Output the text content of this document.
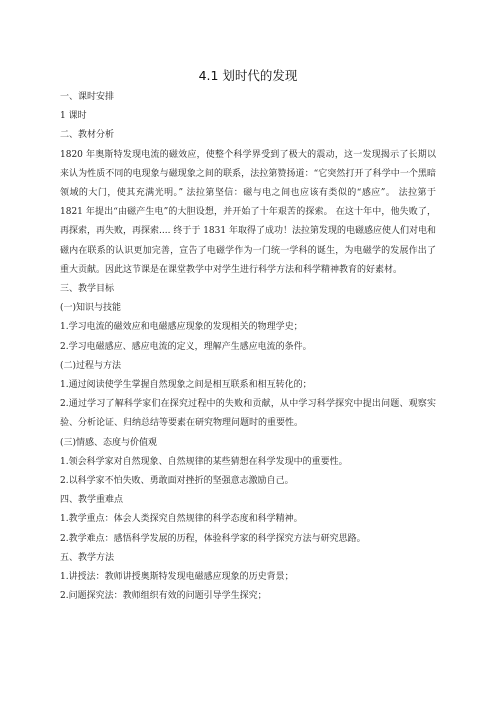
4.1 划时代的发现

一、课时安排

1 课时

二、教材分析

1820 年奥斯特发现电流的磁效应，使整个科学界受到了极大的震动，这一发现揭示了长期以来认为性质不同的电现象与磁现象之间的联系，法拉第赞扬道：“它突然打开了科学中一个黑暗领域的大门，使其充满光明。” 法拉第坚信：磁与电之间也应该有类似的“感应”。 法拉第于 1821 年提出“由磁产生电”的大胆设想，并开始了十年艰苦的探索。 在这十年中，他失败了，再探索，再失败，再探索.... 终于于 1831 年取得了成功！法拉第发现的电磁感应使人们对电和磁内在联系的认识更加完善，宣告了电磁学作为一门统一学科的诞生，为电磁学的发展作出了重大贡献。因此这节课是在课堂教学中对学生进行科学方法和科学精神教育的好素材。

三、教学目标

(一)知识与技能

1.学习电流的磁效应和电磁感应现象的发现相关的物理学史；

2.学习电磁感应、感应电流的定义，理解产生感应电流的条件。

(二)过程与方法

1.通过阅读使学生掌握自然现象之间是相互联系和相互转化的；

2.通过学习了解科学家们在探究过程中的失败和贡献，从中学习科学探究中提出问题、观察实验、分析论证、归纳总结等要素在研究物理问题时的重要性。

(三)情感、态度与价值观

1.领会科学家对自然现象、自然规律的某些猜想在科学发现中的重要性。

2.以科学家不怕失败、勇敢面对挫折的坚强意志激励自己。

四、教学重难点

1.教学重点：体会人类探究自然规律的科学态度和科学精神。

2.教学难点：感悟科学发展的历程，体验科学家的科学探究方法与研究思路。

五、教学方法

1.讲授法：教师讲授奥斯特发现电磁感应现象的历史背景；

2.问题探究法：教师组织有效的问题引导学生探究；
